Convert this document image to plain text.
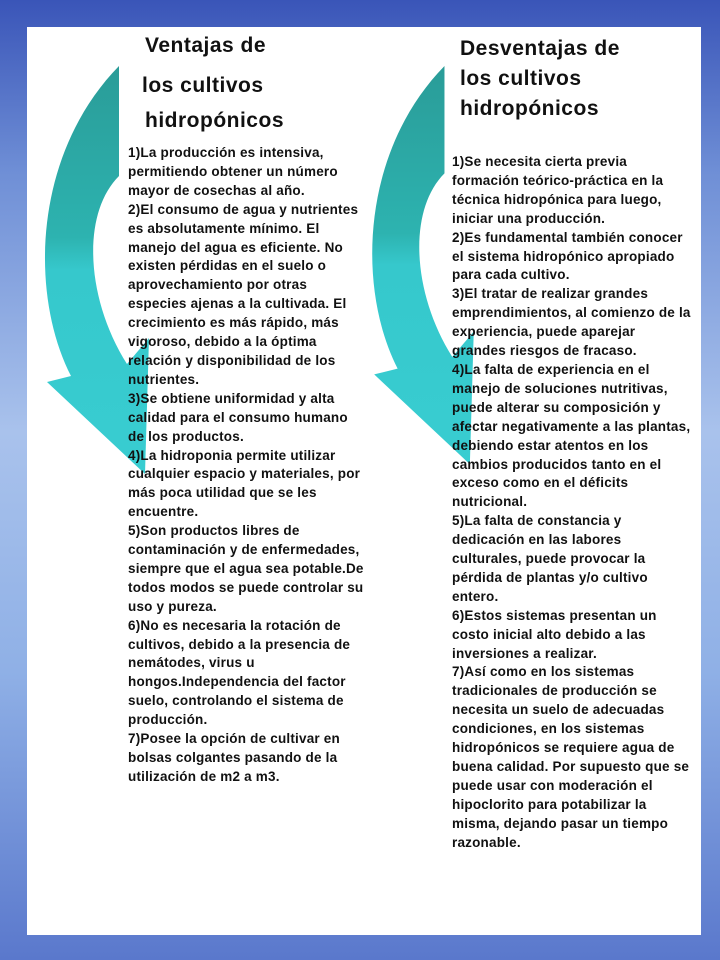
Ventajas de
los cultivos
hidropónicos

1)La producción es intensiva, permitiendo obtener un número mayor de cosechas al año.

2)El consumo de agua y nutrientes es absolutamente mínimo. El manejo del agua es eficiente. No existen pérdidas en el suelo o aprovechamiento por otras especies ajenas a la cultivada. El crecimiento es más rápido, más vigoroso, debido a la óptima relación y disponibilidad de los nutrientes.

3)Se obtiene uniformidad y alta calidad para el consumo humano de los productos.

4)La hidroponia permite utilizar cualquier espacio y materiales, por más poca utilidad que se les encuentre.

5)Son productos libres de contaminación y de enfermedades, siempre que el agua sea potable.De todos modos se puede controlar su uso y pureza.

6)No es necesaria la rotación de cultivos, debido a la presencia de nemátodes, virus u hongos.Independencia del factor suelo, controlando el sistema de producción.

7)Posee la opción de cultivar en bolsas colgantes pasando de la utilización de m2 a m3.

Desventajas de
los cultivos
hidropónicos

1)Se necesita cierta previa formación teórico-práctica en la técnica hidropónica para luego, iniciar una producción.

2)Es fundamental también conocer el sistema hidropónico apropiado para cada cultivo.

3)El tratar de realizar grandes emprendimientos, al comienzo de la experiencia, puede aparejar grandes riesgos de fracaso.

4)La falta de experiencia en el manejo de soluciones nutritivas, puede alterar su composición y afectar negativamente a las plantas, debiendo estar atentos en los cambios producidos tanto en el exceso como en el déficits nutricional.

5)La falta de constancia y dedicación en las labores culturales, puede provocar la pérdida de plantas y/o cultivo entero.

6)Estos sistemas presentan un costo inicial alto debido a las inversiones a realizar.

7)Así como en los sistemas tradicionales de producción se necesita un suelo de adecuadas condiciones, en los sistemas hidropónicos se requiere agua de buena calidad. Por supuesto que se puede usar con moderación el hipoclorito para potabilizar la misma, dejando pasar un tiempo razonable.
